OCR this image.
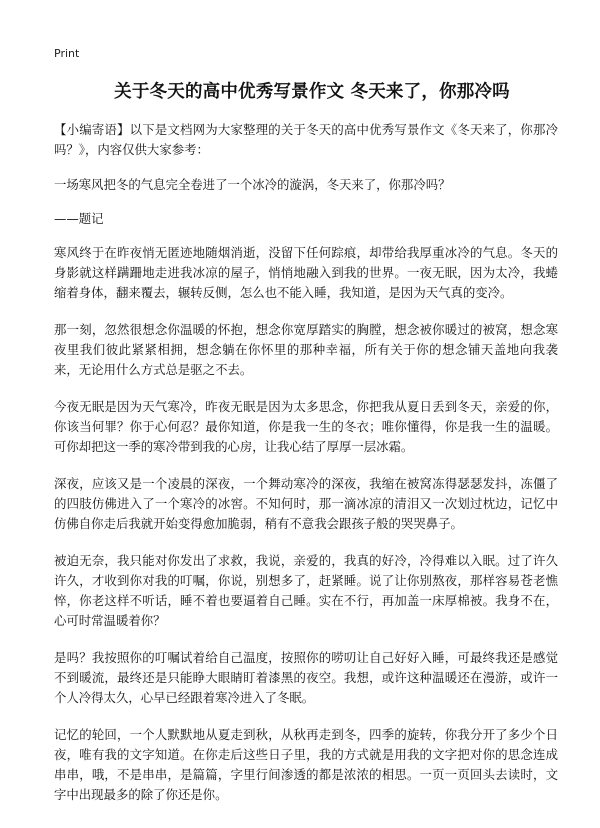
Print

关于冬天的高中优秀写景作文 冬天来了，你那冷吗

【小编寄语】以下是文档网为大家整理的关于冬天的高中优秀写景作文《冬天来了，你那冷吗？》，内容仅供大家参考：

一场寒风把冬的气息完全卷进了一个冰冷的漩涡，冬天来了，你那冷吗？

——题记

寒风终于在昨夜悄无匿迹地随烟消逝，没留下任何踪痕，却带给我厚重冰冷的气息。冬天的身影就这样蹒跚地走进我冰凉的屋子，悄悄地融入到我的世界。一夜无眠，因为太冷，我蜷缩着身体，翻来覆去，辗转反侧，怎么也不能入睡，我知道，是因为天气真的变冷。

那一刻，忽然很想念你温暖的怀抱，想念你宽厚踏实的胸膛，想念被你暖过的被窝，想念寒夜里我们彼此紧紧相拥，想念躺在你怀里的那种幸福，所有关于你的想念铺天盖地向我袭来，无论用什么方式总是驱之不去。

今夜无眠是因为天气寒冷，昨夜无眠是因为太多思念，你把我从夏日丢到冬天，亲爱的你，你该当何罪？你于心何忍？最你知道，你是我一生的冬衣；唯你懂得，你是我一生的温暖。可你却把这一季的寒冷带到我的心房，让我心结了厚厚一层冰霜。

深夜，应该又是一个凌晨的深夜，一个舞动寒冷的深夜，我缩在被窝冻得瑟瑟发抖，冻僵了的四肢仿佛进入了一个寒冷的冰窖。不知何时，那一滴冰凉的清泪又一次划过枕边，记忆中仿佛自你走后我就开始变得愈加脆弱，稍有不意我会跟孩子般的哭哭鼻子。

被迫无奈，我只能对你发出了求救，我说，亲爱的，我真的好冷，冷得难以入眠。过了许久许久，才收到你对我的叮嘱，你说，别想多了，赶紧睡。说了让你别熬夜，那样容易苍老憔悴，你老这样不听话，睡不着也要逼着自己睡。实在不行，再加盖一床厚棉被。我身不在，心可时常温暖着你？

是吗？我按照你的叮嘱试着给自己温度，按照你的唠叨让自己好好入睡，可最终我还是感觉不到暖流，最终还是只能睁大眼睛盯着漆黑的夜空。我想，或许这种温暖还在漫游，或许一个人冷得太久，心早已经跟着寒冷进入了冬眠。

记忆的轮回，一个人默默地从夏走到秋，从秋再走到冬，四季的旋转，你我分开了多少个日夜，唯有我的文字知道。在你走后这些日子里，我的方式就是用我的文字把对你的思念连成串串，哦，不是串串，是篇篇，字里行间渗透的都是浓浓的相思。一页一页回头去读时，文字中出现最多的除了你还是你。
